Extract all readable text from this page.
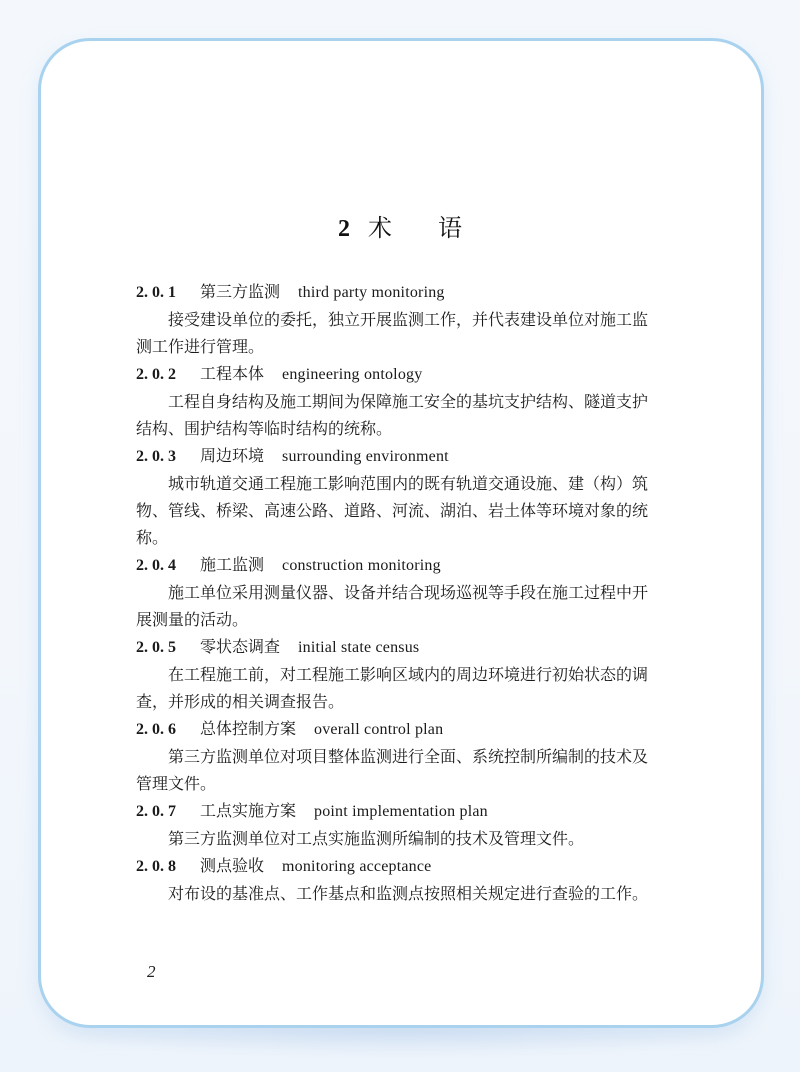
2 术 语
2. 0. 1 第三方监测 third party monitoring

接受建设单位的委托，独立开展监测工作，并代表建设单位对施工监测工作进行管理。

2. 0. 2 工程本体 engineering ontology

工程自身结构及施工期间为保障施工安全的基坑支护结构、隧道支护结构、围护结构等临时结构的统称。

2. 0. 3 周边环境 surrounding environment

城市轨道交通工程施工影响范围内的既有轨道交通设施、建（构）筑物、管线、桥梁、高速公路、道路、河流、湖泊、岩土体等环境对象的统称。

2. 0. 4 施工监测 construction monitoring

施工单位采用测量仪器、设备并结合现场巡视等手段在施工过程中开展测量的活动。

2. 0. 5 零状态调查 initial state census

在工程施工前，对工程施工影响区域内的周边环境进行初始状态的调查，并形成的相关调查报告。

2. 0. 6 总体控制方案 overall control plan

第三方监测单位对项目整体监测进行全面、系统控制所编制的技术及管理文件。

2. 0. 7 工点实施方案 point implementation plan

第三方监测单位对工点实施监测所编制的技术及管理文件。

2. 0. 8 测点验收 monitoring acceptance

对布设的基准点、工作基点和监测点按照相关规定进行查验的工作。

2
